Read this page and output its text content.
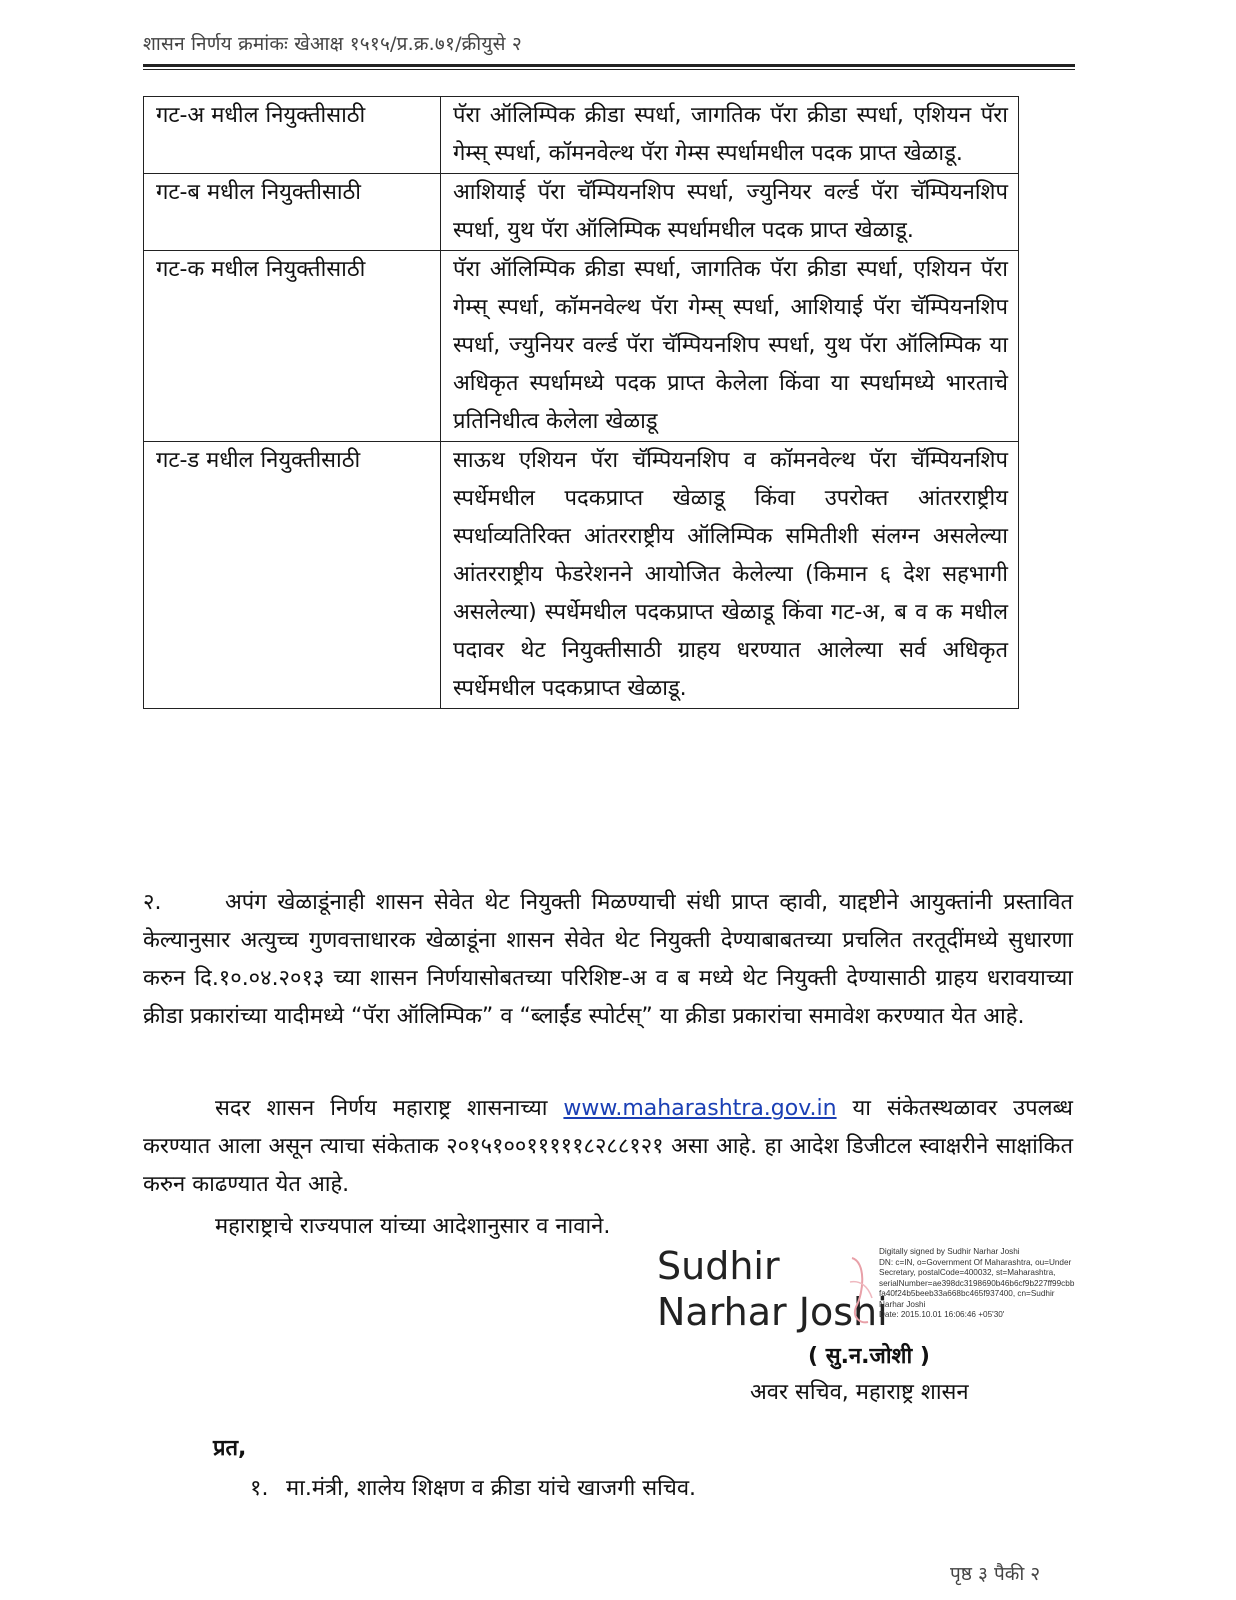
शासन निर्णय क्रमांकः खेआक्ष १५१५/प्र.क्र.७१/क्रीयुसे २
गट-अ मधील नियुक्तीसाठी	पॅरा ऑलिम्पिक क्रीडा स्पर्धा, जागतिक पॅरा क्रीडा स्पर्धा, एशियन पॅरा गेम्स् स्पर्धा, कॉमनवेल्थ पॅरा गेम्स स्पर्धामधील पदक प्राप्त खेळाडू.
गट-ब मधील नियुक्तीसाठी	आशियाई पॅरा चॅम्पियनशिप स्पर्धा, ज्युनियर वर्ल्ड पॅरा चॅम्पियनशिप स्पर्धा, युथ पॅरा ऑलिम्पिक स्पर्धामधील पदक प्राप्त खेळाडू.
गट-क मधील नियुक्तीसाठी	पॅरा ऑलिम्पिक क्रीडा स्पर्धा, जागतिक पॅरा क्रीडा स्पर्धा, एशियन पॅरा गेम्स् स्पर्धा, कॉमनवेल्थ पॅरा गेम्स् स्पर्धा, आशियाई पॅरा चॅम्पियनशिप स्पर्धा, ज्युनियर वर्ल्ड पॅरा चॅम्पियनशिप स्पर्धा, युथ पॅरा ऑलिम्पिक या अधिकृत स्पर्धामध्ये पदक प्राप्त केलेला किंवा या स्पर्धामध्ये भारताचे प्रतिनिधीत्व केलेला खेळाडू
गट-ड मधील नियुक्तीसाठी	साऊथ एशियन पॅरा चॅम्पियनशिप व कॉमनवेल्थ पॅरा चॅम्पियनशिप स्पर्धेमधील पदकप्राप्त खेळाडू किंवा उपरोक्त आंतरराष्ट्रीय स्पर्धाव्यतिरिक्त आंतरराष्ट्रीय ऑलिम्पिक समितीशी संलग्न असलेल्या आंतरराष्ट्रीय फेडरेशनने आयोजित केलेल्या (किमान ६ देश सहभागी असलेल्या) स्पर्धेमधील पदकप्राप्त खेळाडू किंवा गट-अ, ब व क मधील पदावर थेट नियुक्तीसाठी ग्राहय धरण्यात आलेल्या सर्व अधिकृत स्पर्धेमधील पदकप्राप्त खेळाडू.
२.	अपंग खेळाडूंनाही शासन सेवेत थेट नियुक्ती मिळण्याची संधी प्राप्त व्हावी, याद्दष्टीने आयुक्तांनी प्रस्तावित केल्यानुसार अत्युच्च गुणवत्ताधारक खेळाडूंना शासन सेवेत थेट नियुक्ती देण्याबाबतच्या प्रचलित तरतूदींमध्ये सुधारणा करुन दि.१०.०४.२०१३ च्या शासन निर्णयासोबतच्या परिशिष्ट-अ व ब मध्ये थेट नियुक्ती देण्यासाठी ग्राहय धरावयाच्या क्रीडा प्रकारांच्या यादीमध्ये “पॅरा ऑलिम्पिक” व “ब्लाईंड स्पोर्टस्” या क्रीडा प्रकारांचा समावेश करण्यात येत आहे.
सदर शासन निर्णय महाराष्ट्र शासनाच्या www.maharashtra.gov.in या संकेतस्थळावर उपलब्ध करण्यात आला असून त्याचा संकेताक २०१५१००१११११८२८८१२१ असा आहे. हा आदेश डिजीटल स्वाक्षरीने साक्षांकित करुन काढण्यात येत आहे.
महाराष्ट्राचे राज्यपाल यांच्या आदेशानुसार व नावाने.
Sudhir
Narhar Joshi
Digitally signed by Sudhir Narhar Joshi
DN: c=IN, o=Government Of Maharashtra, ou=Under
Secretary, postalCode=400032, st=Maharashtra,
serialNumber=ae398dc3198690b46b6cf9b227ff99cbb
fa40f24b5beeb33a668bc465f937400, cn=Sudhir
Narhar Joshi
Date: 2015.10.01 16:06:46 +05'30'
( सु.न.जोशी )
अवर सचिव, महाराष्ट्र शासन
प्रत,
१. मा.मंत्री, शालेय शिक्षण व क्रीडा यांचे खाजगी सचिव.
पृष्ठ ३ पैकी २
